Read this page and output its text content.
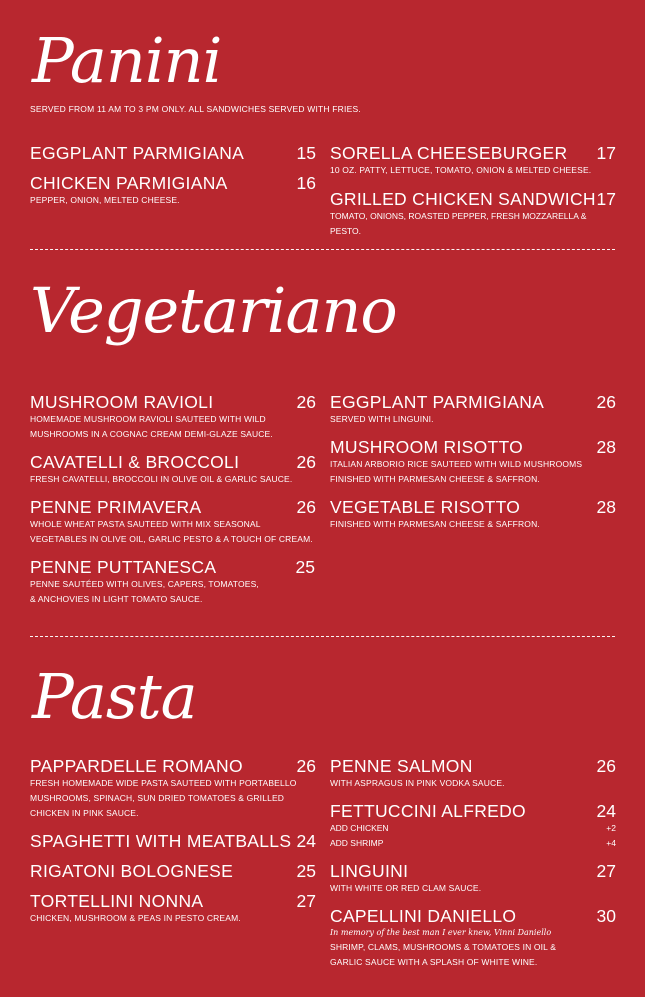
Panini
SERVED FROM 11 AM TO 3 PM ONLY. ALL SANDWICHES SERVED WITH FRIES.
EGGPLANT PARMIGIANA	15
CHICKEN PARMIGIANA	16
PEPPER, ONION, MELTED CHEESE.
SORELLA CHEESEBURGER 17
10 OZ. PATTY, LETTUCE, TOMATO, ONION & MELTED CHEESE.
GRILLED CHICKEN SANDWICH 17
TOMATO, ONIONS, ROASTED PEPPER, FRESH MOZZARELLA & PESTO.
Vegetariano
MUSHROOM RAVIOLI	26
HOMEMADE MUSHROOM RAVIOLI SAUTEED WITH WILD
MUSHROOMS IN A COGNAC CREAM DEMI-GLAZE SAUCE.
CAVATELLI & BROCCOLI	26
FRESH CAVATELLI, BROCCOLI IN OLIVE OIL & GARLIC SAUCE.
PENNE PRIMAVERA	26
WHOLE WHEAT PASTA SAUTEED WITH MIX SEASONAL
VEGETABLES IN OLIVE OIL, GARLIC PESTO & A TOUCH OF CREAM.
PENNE PUTTANESCA	25
PENNE SAUTÉED WITH OLIVES, CAPERS, TOMATOES,
& ANCHOVIES IN LIGHT TOMATO SAUCE.
EGGPLANT PARMIGIANA	26
SERVED WITH LINGUINI.
MUSHROOM RISOTTO	28
ITALIAN ARBORIO RICE SAUTEED WITH WILD MUSHROOMS
FINISHED WITH PARMESAN CHEESE & SAFFRON.
VEGETABLE RISOTTO	28
FINISHED WITH PARMESAN CHEESE & SAFFRON.
Pasta
PAPPARDELLE ROMANO	26
FRESH HOMEMADE WIDE PASTA SAUTEED WITH PORTABELLO
MUSHROOMS, SPINACH, SUN DRIED TOMATOES & GRILLED
CHICKEN IN PINK SAUCE.
SPAGHETTI WITH MEATBALLS 24
RIGATONI BOLOGNESE	25
TORTELLINI NONNA	27
CHICKEN, MUSHROOM & PEAS IN PESTO CREAM.
PENNE SALMON	26
WITH ASPRAGUS IN PINK VODKA SAUCE.
FETTUCCINI ALFREDO	24
ADD CHICKEN	+2
ADD SHRIMP	+4
LINGUINI	27
WITH WHITE OR RED CLAM SAUCE.
CAPELLINI DANIELLO	30
In memory of the best man I ever knew, Vinni Daniello
SHRIMP, CLAMS, MUSHROOMS & TOMATOES IN OIL &
GARLIC SAUCE WITH A SPLASH OF WHITE WINE.
